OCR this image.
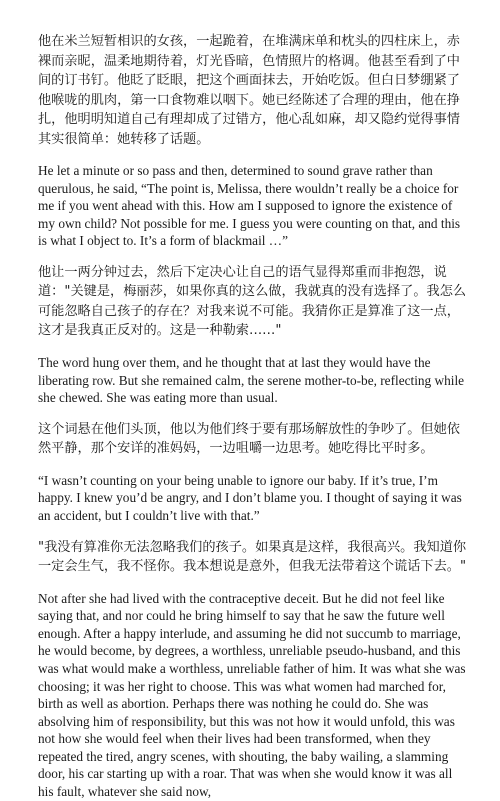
他在米兰短暂相识的女孩，一起跪着，在堆满床单和枕头的四柱床上，赤裸而亲昵，温柔地期待着，灯光昏暗，色情照片的格调。他甚至看到了中间的订书钉。他眨了眨眼，把这个画面抹去，开始吃饭。但白日梦绷紧了他喉咙的肌肉，第一口食物难以咽下。她已经陈述了合理的理由，他在挣扎，他明明知道自己有理却成了过错方，他心乱如麻，却又隐约觉得事情其实很简单：她转移了话题。

He let a minute or so pass and then, determined to sound grave rather than querulous, he said, “The point is, Melissa, there wouldn’t really be a choice for me if you went ahead with this. How am I supposed to ignore the existence of my own child? Not possible for me. I guess you were counting on that, and this is what I object to. It’s a form of blackmail …”

他让一两分钟过去，然后下定决心让自己的语气显得郑重而非抱怨，说道："关键是，梅丽莎，如果你真的这么做，我就真的没有选择了。我怎么可能忽略自己孩子的存在？对我来说不可能。我猜你正是算准了这一点，这才是我真正反对的。这是一种勒索……"

The word hung over them, and he thought that at last they would have the liberating row. But she remained calm, the serene mother-to-be, reflecting while she chewed. She was eating more than usual.

这个词悬在他们头顶，他以为他们终于要有那场解放性的争吵了。但她依然平静，那个安详的准妈妈，一边咀嚼一边思考。她吃得比平时多。

“I wasn’t counting on your being unable to ignore our baby. If it’s true, I’m happy. I knew you’d be angry, and I don’t blame you. I thought of saying it was an accident, but I couldn’t live with that.”

"我没有算准你无法忽略我们的孩子。如果真是这样，我很高兴。我知道你一定会生气，我不怪你。我本想说是意外，但我无法带着这个谎话下去。"

Not after she had lived with the contraceptive deceit. But he did not feel like saying that, and nor could he bring himself to say that he saw the future well enough. After a happy interlude, and assuming he did not succumb to marriage, he would become, by degrees, a worthless, unreliable pseudo-husband, and this was what would make a worthless, unreliable father of him. It was what she was choosing; it was her right to choose. This was what women had marched for, birth as well as abortion. Perhaps there was nothing he could do. She was absolving him of responsibility, but this was not how it would unfold, this was not how she would feel when their lives had been transformed, when they repeated the tired, angry scenes, with shouting, the baby wailing, a slamming door, his car starting up with a roar. That was when she would know it was all his fault, whatever she said now,
